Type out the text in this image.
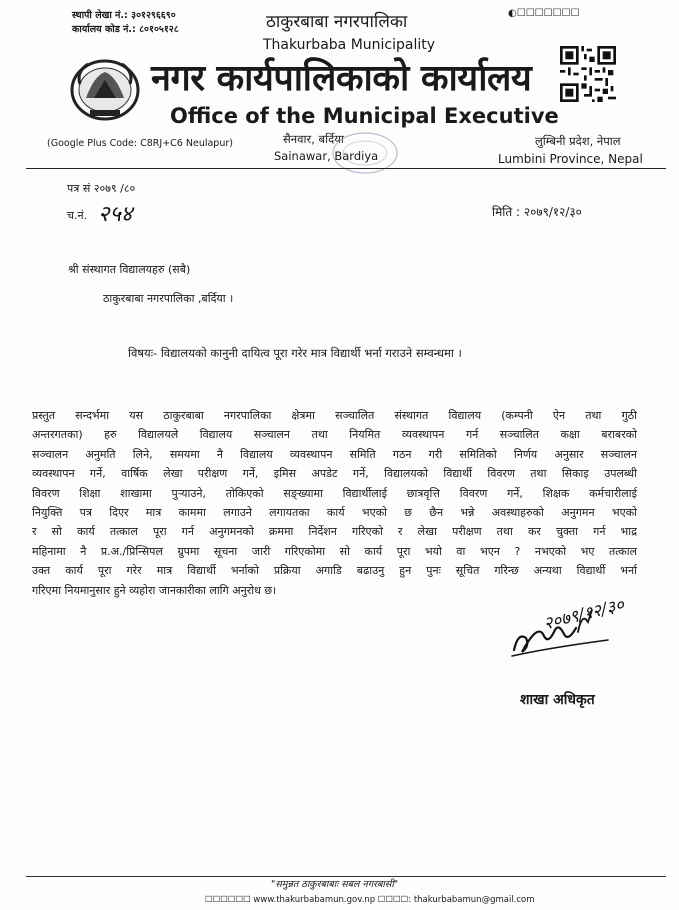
स्थापी लेखा नं.: ३०१२९६६९०
कार्यालय कोड नं.: ८०१०५१२८
◐☐☐☐☐☐☐☐
ठाकुरबाबा नगरपालिका
Thakurbaba Municipality
नगर कार्यपालिकाको कार्यालय
Office of the Municipal Executive
(Google Plus Code: C8RJ+C6 Neulapur)	सैनवार, बर्दिया
Sainawar, Bardiya
लुम्बिनी प्रदेश, नेपाल
Lumbini Province, Nepal
पत्र सं २०७९ /८०
च.नं. २५४	मिति : २०७९/१२/३०
श्री संस्थागत विद्यालयहरु (सबै)
ठाकुरबाबा नगरपालिका ,बर्दिया ।
विषयः- विद्यालयको कानुनी दायित्व पूरा गरेर मात्र विद्यार्थी भर्ना गराउने सम्वन्धमा ।
प्रस्तुत सन्दर्भमा यस ठाकुरबाबा नगरपालिका क्षेत्रमा सञ्चालित संस्थागत विद्यालय (कम्पनी ऐन तथा गुठी
अन्तरगतका) हरु विद्यालयले विद्यालय सञ्चालन तथा नियमित व्यवस्थापन गर्न सञ्चालित कक्षा बराबरको
सञ्चालन अनुमति लिने, समयमा नै विद्यालय व्यवस्थापन समिति गठन गरी समितिको निर्णय अनुसार सञ्चालन
व्यवस्थापन गर्ने, वार्षिक लेखा परीक्षण गर्ने, इमिस अपडेट गर्ने, विद्यालयको विद्यार्थी विवरण तथा सिकाइ उपलब्धी
विवरण शिक्षा शाखामा पुऱ्याउने, तोकिएको सङ्ख्यामा विद्यार्थीलाई छात्रवृत्ति विवरण गर्ने, शिक्षक कर्मचारीलाई
नियुक्ति पत्र दिएर मात्र काममा लगाउने लगायतका कार्य भएको छ छैन भन्ने अवस्थाहरुको अनुगमन भएको
र सो कार्य तत्काल पूरा गर्न अनुगमनको क्रममा निर्देशन गरिएको र लेखा परीक्षण तथा कर चुक्ता गर्न भाद्र
महिनामा नै प्र.अ./प्रिन्सिपल ग्रुपमा सूचना जारी गरिएकोमा सो कार्य पूरा भयो वा भएन ? नभएको भए तत्काल
उक्त कार्य पूरा गरेर मात्र विद्यार्थी भर्नाको प्रक्रिया अगाडि बढाउनु हुन पुनः सूचित गरिन्छ अन्यथा विद्यार्थी भर्ना
गरिएमा नियमानुसार हुने व्यहोरा जानकारीका लागि अनुरोध छ।
२०७९/१२/३०
शाखा अधिकृत
"समुन्नत ठाकुरबाबाः सबल नगरबासी"
☐☐☐☐☐☐ www.thakurbabamun.gov.np ☐☐☐☐: thakurbabamun@gmail.com
